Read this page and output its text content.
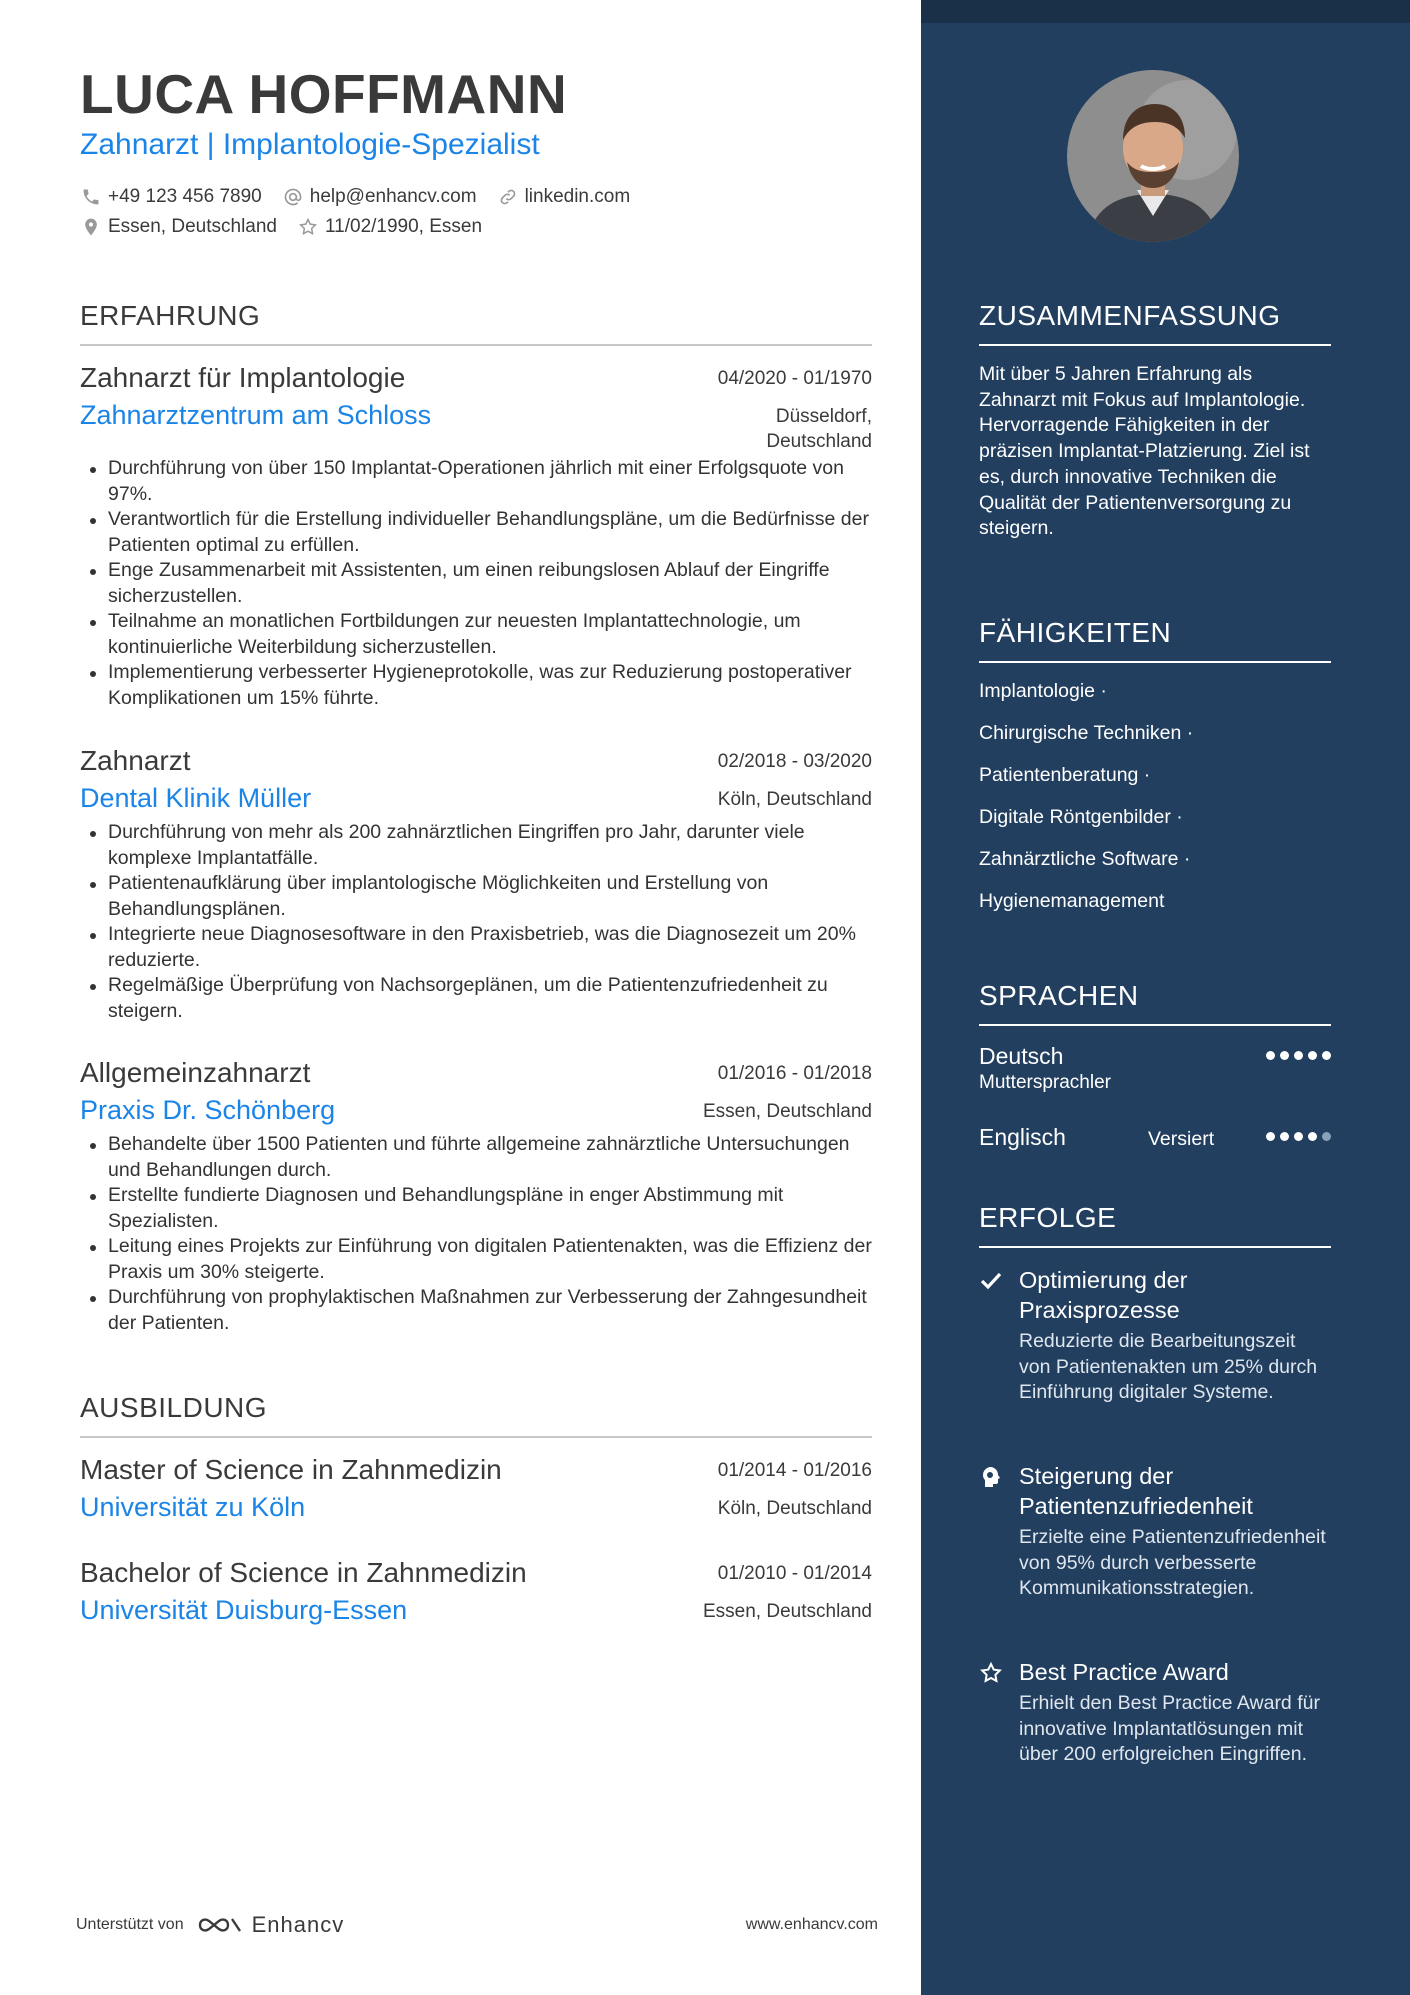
LUCA HOFFMANN
Zahnarzt | Implantologie-Spezialist
+49 123 456 7890	help@enhancv.com	linkedin.com
Essen, Deutschland	11/02/1990, Essen
ERFAHRUNG
Zahnarzt für Implantologie	04/2020 - 01/1970
Zahnarztzentrum am Schloss	Düsseldorf,
Deutschland
Durchführung von über 150 Implantat-Operationen jährlich mit einer Erfolgsquote von 97%.
Verantwortlich für die Erstellung individueller Behandlungspläne, um die Bedürfnisse der Patienten optimal zu erfüllen.
Enge Zusammenarbeit mit Assistenten, um einen reibungslosen Ablauf der Eingriffe sicherzustellen.
Teilnahme an monatlichen Fortbildungen zur neuesten Implantattechnologie, um kontinuierliche Weiterbildung sicherzustellen.
Implementierung verbesserter Hygieneprotokolle, was zur Reduzierung postoperativer Komplikationen um 15% führte.
Zahnarzt	02/2018 - 03/2020
Dental Klinik Müller	Köln, Deutschland
Durchführung von mehr als 200 zahnärztlichen Eingriffen pro Jahr, darunter viele komplexe Implantatfälle.
Patientenaufklärung über implantologische Möglichkeiten und Erstellung von Behandlungsplänen.
Integrierte neue Diagnosesoftware in den Praxisbetrieb, was die Diagnosezeit um 20% reduzierte.
Regelmäßige Überprüfung von Nachsorgeplänen, um die Patientenzufriedenheit zu steigern.
Allgemeinzahnarzt	01/2016 - 01/2018
Praxis Dr. Schönberg	Essen, Deutschland
Behandelte über 1500 Patienten und führte allgemeine zahnärztliche Untersuchungen und Behandlungen durch.
Erstellte fundierte Diagnosen und Behandlungspläne in enger Abstimmung mit Spezialisten.
Leitung eines Projekts zur Einführung von digitalen Patientenakten, was die Effizienz der Praxis um 30% steigerte.
Durchführung von prophylaktischen Maßnahmen zur Verbesserung der Zahngesundheit der Patienten.
AUSBILDUNG
Master of Science in Zahnmedizin	01/2014 - 01/2016
Universität zu Köln	Köln, Deutschland
Bachelor of Science in Zahnmedizin	01/2010 - 01/2014
Universität Duisburg-Essen	Essen, Deutschland
Unterstützt von	Enhancv	www.enhancv.com
ZUSAMMENFASSUNG
Mit über 5 Jahren Erfahrung als Zahnarzt mit Fokus auf Implantologie. Hervorragende Fähigkeiten in der präzisen Implantat-Platzierung. Ziel ist es, durch innovative Techniken die Qualität der Patientenversorgung zu steigern.
FÄHIGKEITEN
Implantologie ·
Chirurgische Techniken ·
Patientenberatung ·
Digitale Röntgenbilder ·
Zahnärztliche Software ·
Hygienemanagement
SPRACHEN
Deutsch
Muttersprachler
Englisch	Versiert
ERFOLGE
Optimierung der Praxisprozesse
Reduzierte die Bearbeitungszeit von Patientenakten um 25% durch Einführung digitaler Systeme.
Steigerung der Patientenzufriedenheit
Erzielte eine Patientenzufriedenheit von 95% durch verbesserte Kommunikationsstrategien.
Best Practice Award
Erhielt den Best Practice Award für innovative Implantatlösungen mit über 200 erfolgreichen Eingriffen.
